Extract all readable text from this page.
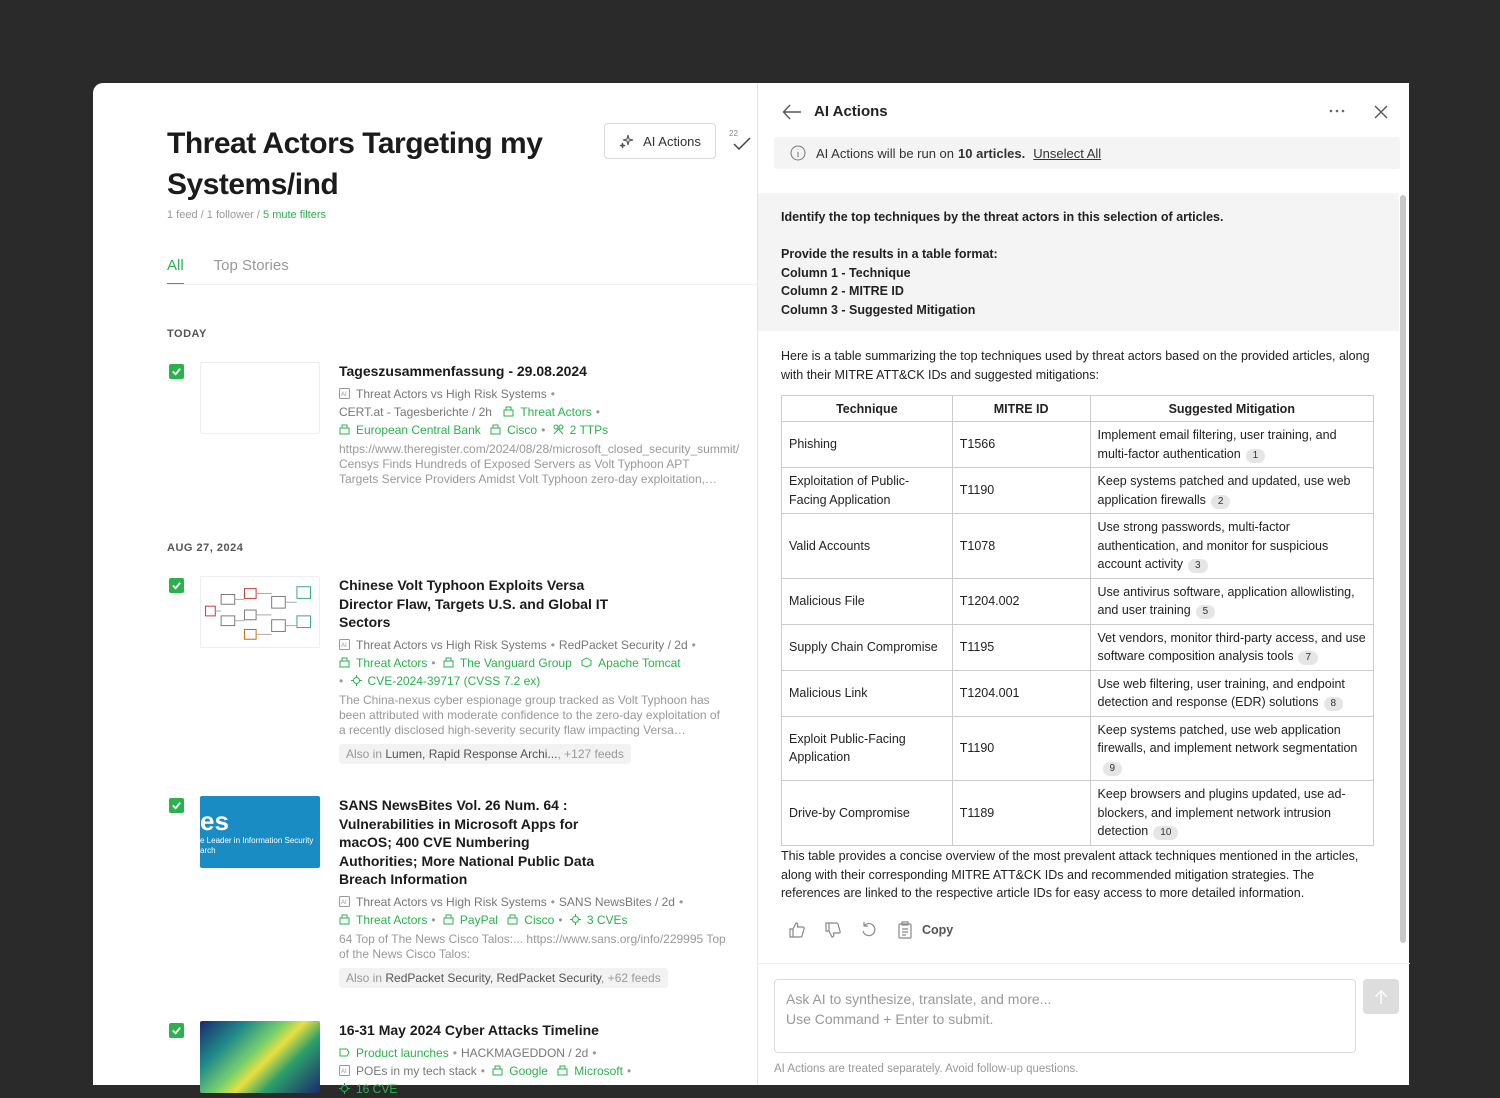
Threat Actors Targeting my Systems/ind
AI Actions	22
1 feed / 1 follower / 5 mute filters
All Top Stories
TODAY
Tageszusammenfassung - 29.08.2024
AI Threat Actors vs High Risk Systems •
CERT.at - Tagesberichte / 2h Threat Actors •
European Central Bank Cisco • 2 TTPs
https://www.theregister.com/2024/08/28/microsoft_closed_security_summit/ Censys Finds Hundreds of Exposed Servers as Volt Typhoon APT Targets Service Providers Amidst Volt Typhoon zero-day exploitation,…
AUG 27, 2024
Chinese Volt Typhoon Exploits Versa Director Flaw, Targets U.S. and Global IT Sectors
AI Threat Actors vs High Risk Systems • RedPacket Security / 2d •
Threat Actors • The Vanguard Group Apache Tomcat
• CVE-2024-39717 (CVSS 7.2 ex)
The China-nexus cyber espionage group tracked as Volt Typhoon has been attributed with moderate confidence to the zero-day exploitation of a recently disclosed high-severity security flaw impacting Versa…
Also in Lumen, Rapid Response Archi..., +127 feeds
es
e Leader in Information Security
arch
SANS NewsBites Vol. 26 Num. 64 : Vulnerabilities in Microsoft Apps for macOS; 400 CVE Numbering Authorities; More National Public Data Breach Information
AI Threat Actors vs High Risk Systems • SANS NewsBites / 2d •
Threat Actors • PayPal Cisco • 3 CVEs
64 Top of The News Cisco Talos:... https://www.sans.org/info/229995 Top of the News Cisco Talos:
Also in RedPacket Security, RedPacket Security, +62 feeds
16-31 May 2024 Cyber Attacks Timeline
Product launches • HACKMAGEDDON / 2d •
AI POEs in my tech stack • Google Microsoft •
16 CVE
AI Actions
AI Actions will be run on 10 articles. Unselect All

Identify the top techniques by the threat actors in this selection of articles.

Provide the results in a table format:

Column 1 - Technique

Column 2 - MITRE ID

Column 3 - Suggested Mitigation

Here is a table summarizing the top techniques used by threat actors based on the provided articles, along with their MITRE ATT&CK IDs and suggested mitigations:
Technique	MITRE ID	Suggested Mitigation
Phishing	T1566	Implement email filtering, user training, and multi-factor authentication 1
Exploitation of Public-Facing Application	T1190	Keep systems patched and updated, use web application firewalls 2
Valid Accounts	T1078	Use strong passwords, multi-factor authentication, and monitor for suspicious account activity 3
Malicious File	T1204.002	Use antivirus software, application allowlisting, and user training 5
Supply Chain Compromise	T1195	Vet vendors, monitor third-party access, and use software composition analysis tools 7
Malicious Link	T1204.001	Use web filtering, user training, and endpoint detection and response (EDR) solutions 8
Exploit Public-Facing Application	T1190	Keep systems patched, use web application firewalls, and implement network segmentation9
Drive-by Compromise	T1189	Keep browsers and plugins updated, use ad-blockers, and implement network intrusion detection 10
This table provides a concise overview of the most prevalent attack techniques mentioned in the articles, along with their corresponding MITRE ATT&CK IDs and recommended mitigation strategies. The references are linked to the respective article IDs for easy access to more detailed information.
Copy
Ask AI to synthesize, translate, and more...
Use Command + Enter to submit.
AI Actions are treated separately. Avoid follow-up questions.
